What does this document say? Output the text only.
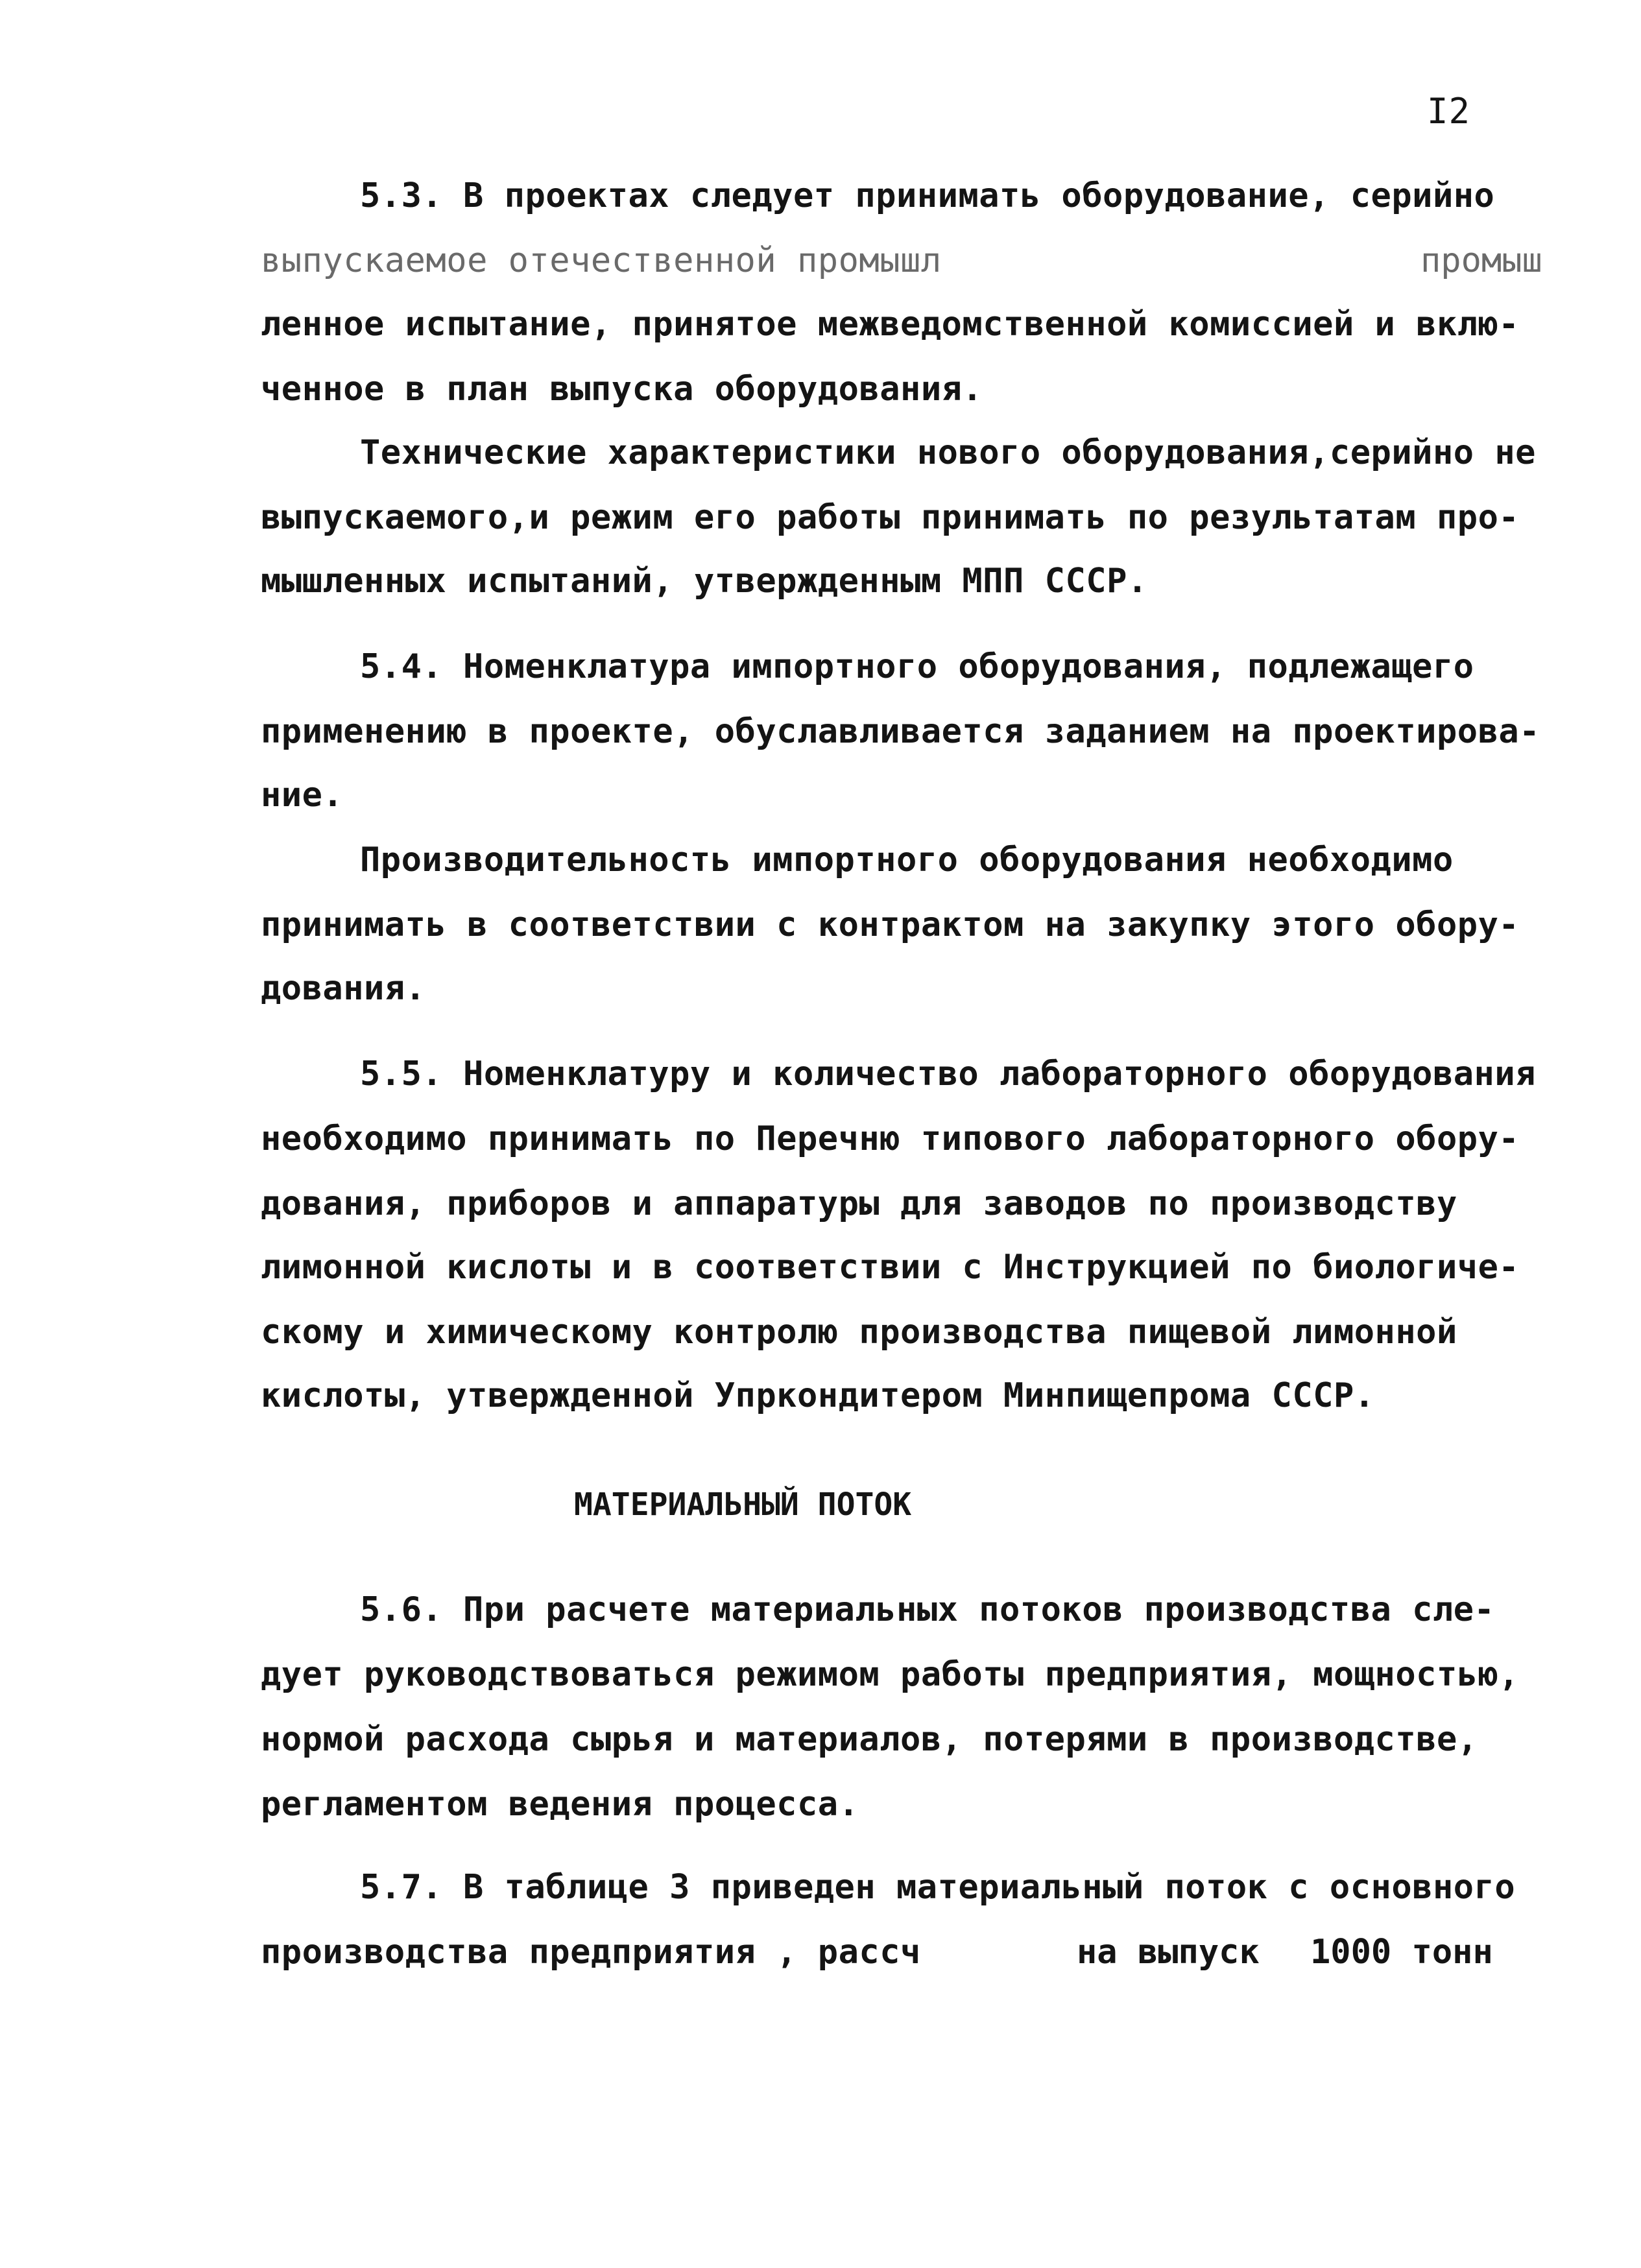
I2
5.3. В проектах следует принимать оборудование, серийно
выпускаемое отечественной промышл	промыш
ленное испытание, принятое межведомственной комиссией и вклю-
ченное в план выпуска оборудования.
Технические характеристики нового оборудования,серийно не
выпускаемого,и режим его работы принимать по результатам про-
мышленных испытаний, утвержденным МПП СССР.
5.4. Номенклатура импортного оборудования, подлежащего
применению в проекте, обуславливается заданием на проектирова-
ние.
Производительность импортного оборудования необходимо
принимать в соответствии с контрактом на закупку этого обору-
дования.
5.5. Номенклатуру и количество лабораторного оборудования
необходимо принимать по Перечню типового лабораторного обору-
дования, приборов и аппаратуры для заводов по производству
лимонной кислоты и в соответствии с Инструкцией по биологиче-
скому и химическому контролю производства пищевой лимонной
кислоты, утвержденной Упркондитером Минпищепрома СССР.
МАТЕРИАЛЬНЫЙ ПОТОК
5.6. При расчете материальных потоков производства сле-
дует руководствоваться режимом работы предприятия, мощностью,
нормой расхода сырья и материалов, потерями в производстве,
регламентом ведения процесса.
5.7. В таблице 3 приведен материальный поток с основного
производства предприятия , рассч	на выпуск 1000 тонн
